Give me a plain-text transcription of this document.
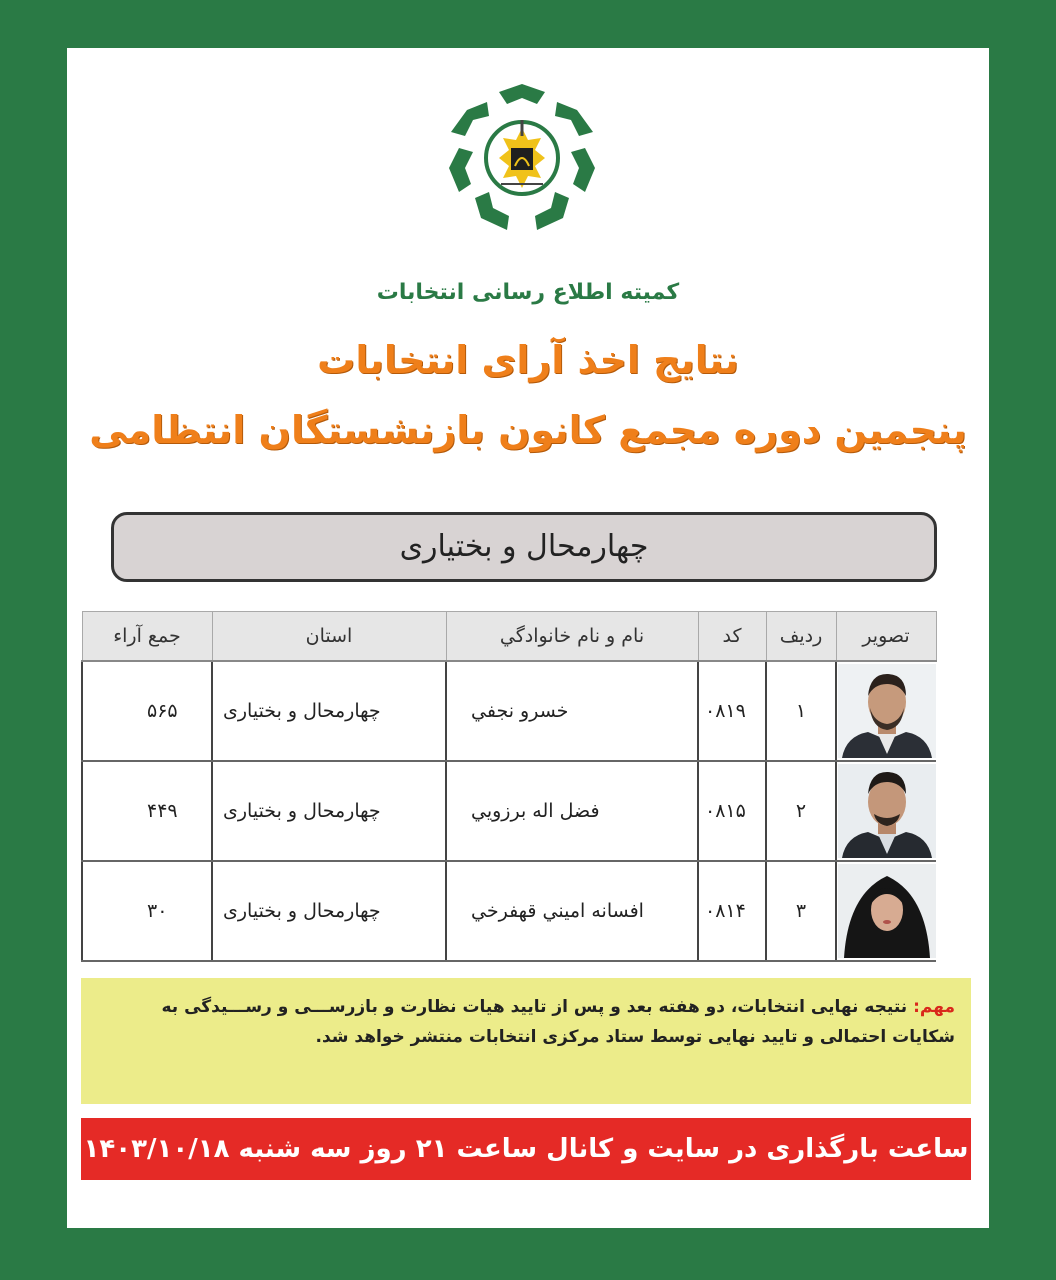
کمیته اطلاع رسانی انتخابات
نتایج اخذ آرای انتخابات
پنجمین دوره مجمع کانون بازنشستگان انتظامی
چهارمحال و بختیاری
تصویر	ردیف	کد	نام و نام خانوادگي	استان	جمع آراء

	۱	۰۸۱۹	خسرو نجفي	چهارمحال و بختياری	۵۶۵

	۲	۰۸۱۵	فضل اله برزويي	چهارمحال و بختياری	۴۴۹

	۳	۰۸۱۴	افسانه اميني قهفرخي	چهارمحال و بختياری	۳۰
مهم: نتیجه نهایی انتخابات، دو هفته بعد و پس از تایید هیات نظارت و بازرســـی و رســـیدگی به شکایات احتمالی و تایید نهایی توسط ستاد مرکزی انتخابات منتشر خواهد شد.
ساعت بارگذاری در سایت و کانال ساعت ۲۱ روز سه شنبه ۱۴۰۳/۱۰/۱۸
